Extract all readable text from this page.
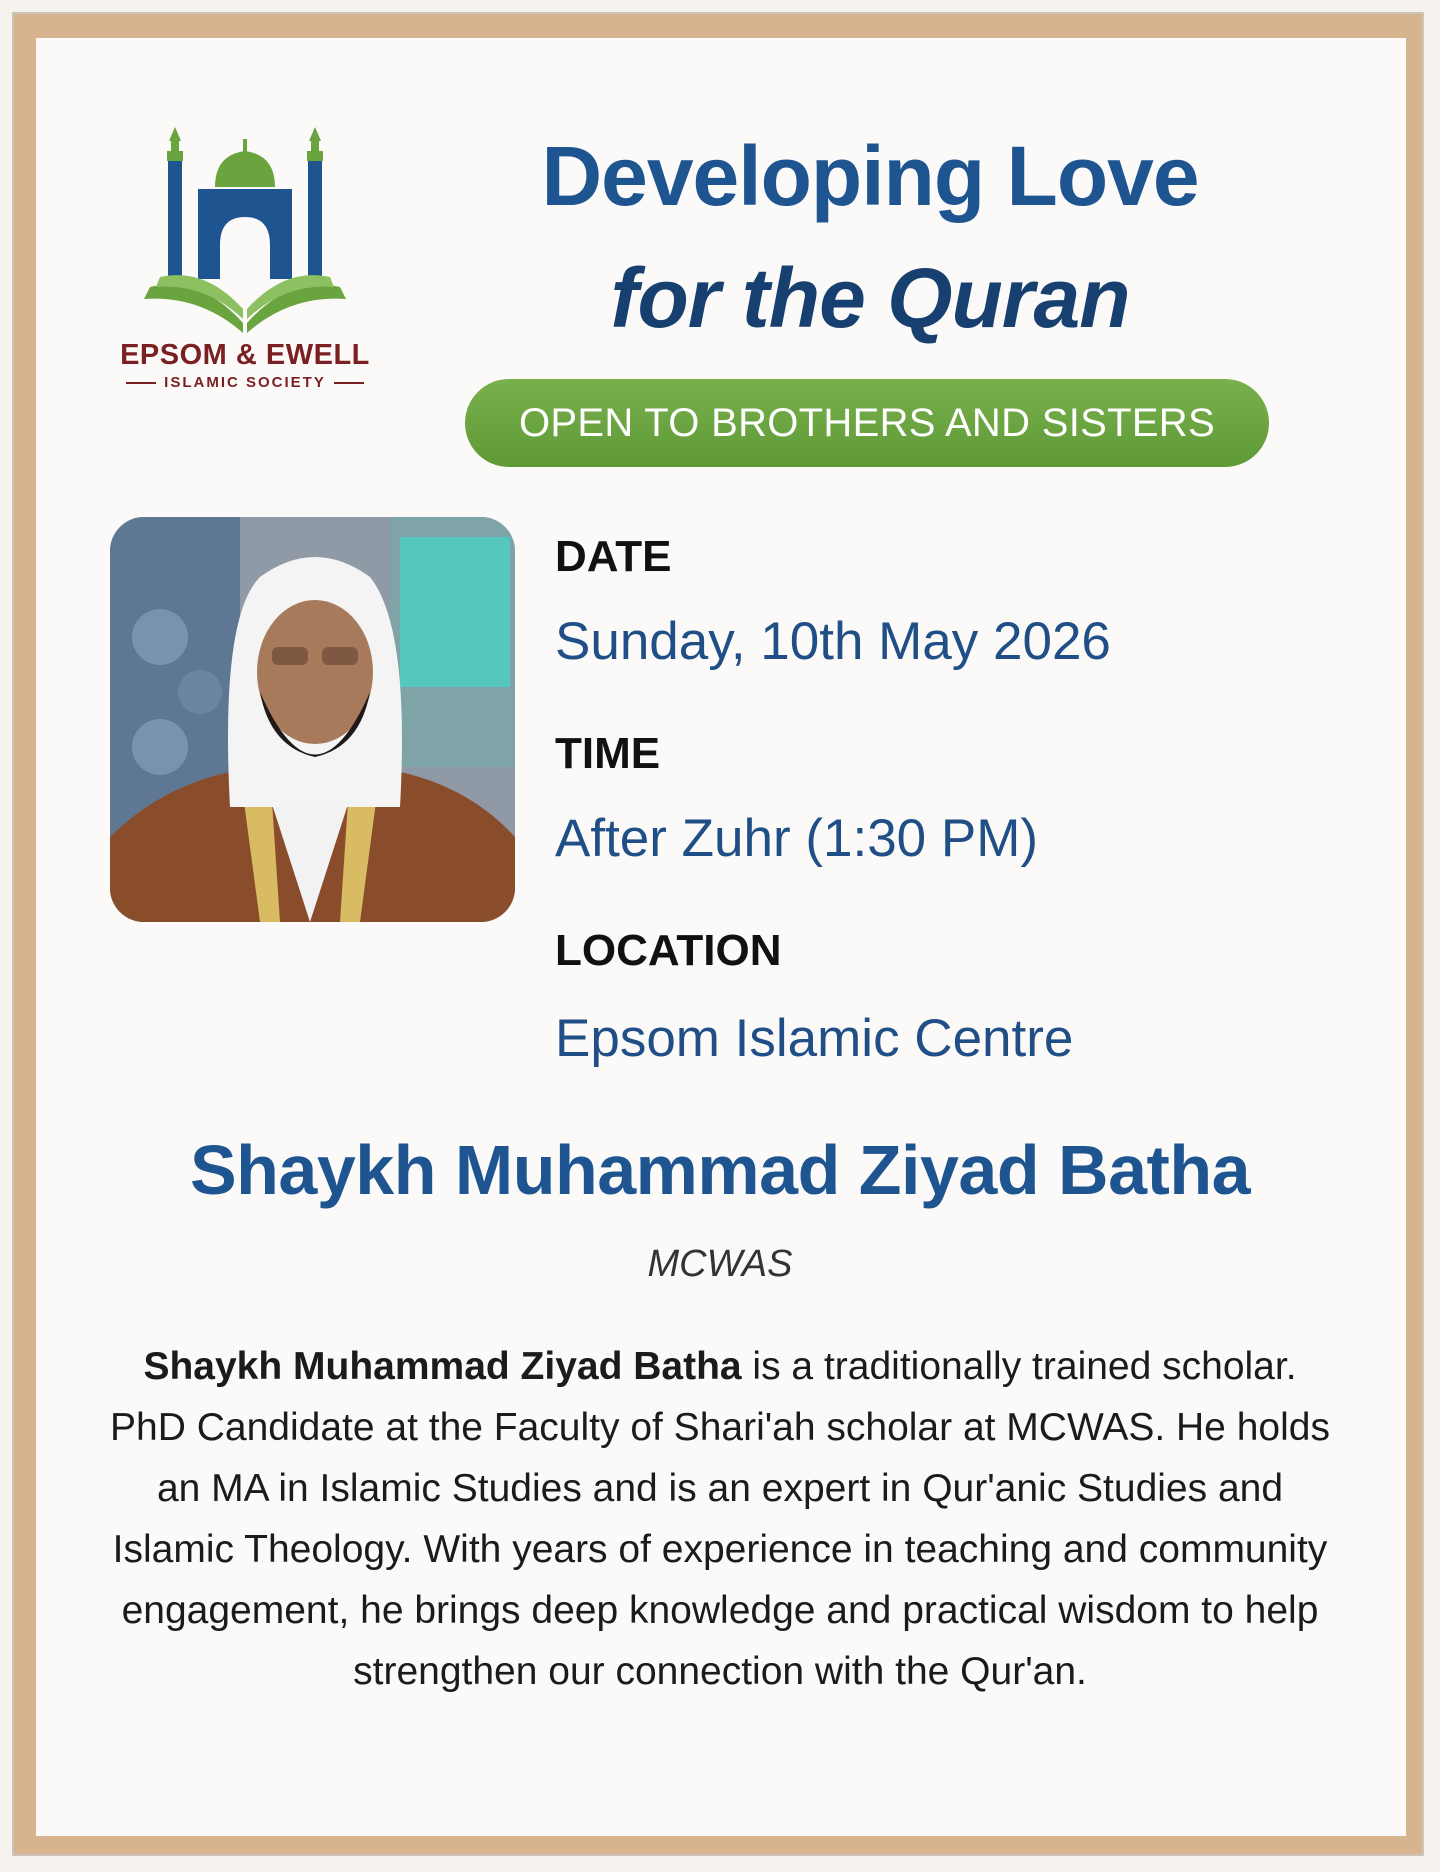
EPSOM & EWELL
ISLAMIC SOCIETY
Developing Love
for the Quran
OPEN TO BROTHERS AND SISTERS
DATE
Sunday, 10th May 2026
TIME
After Zuhr (1:30 PM)
LOCATION
Epsom Islamic Centre
Shaykh Muhammad Ziyad Batha
MCWAS
Shaykh Muhammad Ziyad Batha is a traditionally trained scholar. PhD Candidate at the Faculty of Shari'ah scholar at MCWAS. He holds an MA in Islamic Studies and is an expert in Qur'anic Studies and Islamic Theology. With years of experience in teaching and community engagement, he brings deep knowledge and practical wisdom to help strengthen our connection with the Qur'an.
